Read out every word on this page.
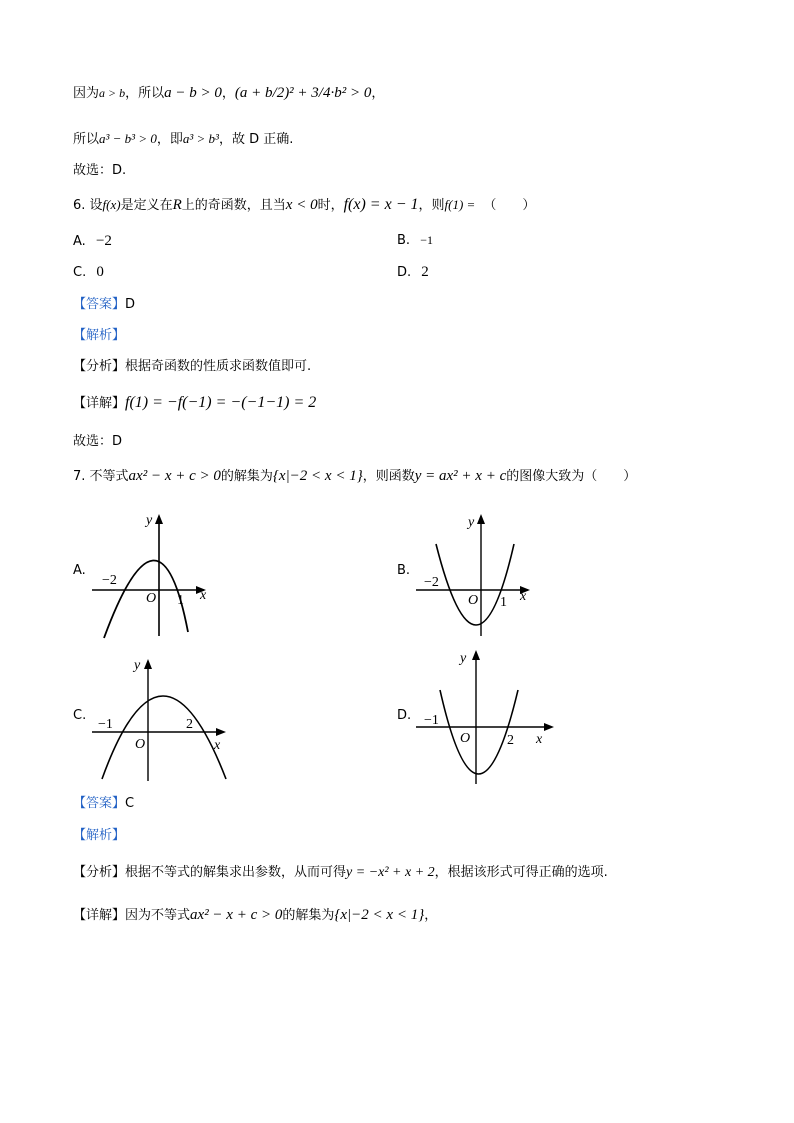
因为a > b，所以a − b > 0，(a + b/2)² + 3/4·b² > 0，
所以a³ − b³ > 0，即a³ > b³，故 D 正确.
故选：D.
6. 设f(x)是定义在R上的奇函数，且当x < 0时，f(x) = x − 1，则f(1) = （　　）
A. −2	B. −1
C. 0	D. 2
【答案】D
【解析】
【分析】根据奇函数的性质求函数值即可.
【详解】f(1) = −f(−1) = −(−1−1) = 2
故选：D
7. 不等式ax² − x + c > 0的解集为{x|−2 < x < 1}，则函数y = ax² + x + c的图像大致为（　　）
A.	B.
C.	D.
y
x
O
−2
1
y
x
O
−2
1
y
x
O
−1	2
y
x
O
−1
2
【答案】C
【解析】
【分析】根据不等式的解集求出参数，从而可得y = −x² + x + 2，根据该形式可得正确的选项.
【详解】因为不等式ax² − x + c > 0的解集为{x|−2 < x < 1}，
